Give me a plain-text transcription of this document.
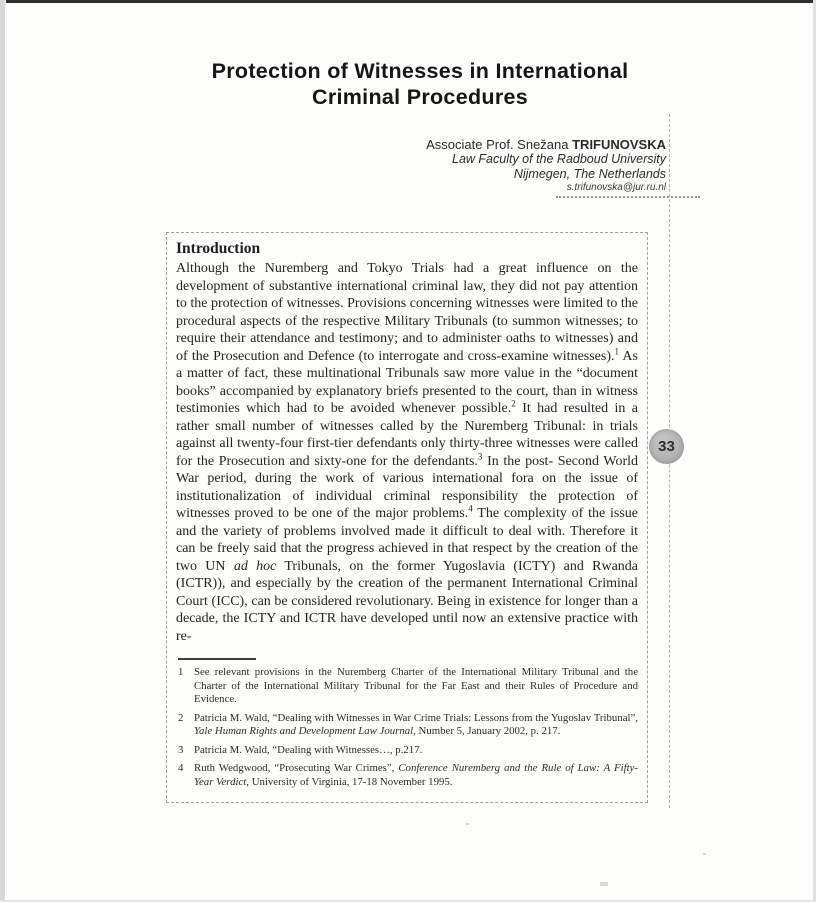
Protection of Witnesses in International
Criminal Procedures
Associate Prof. Snežana TRIFUNOVSKA
Law Faculty of the Radboud University
Nijmegen, The Netherlands
s.trifunovska@jur.ru.nl
33
Introduction
Although the Nuremberg and Tokyo Trials had a great influence on the development of substantive international criminal law, they did not pay attention to the protection of witnesses. Provisions concerning witnesses were limited to the procedural aspects of the respective Military Tribunals (to summon witnesses; to require their attendance and testimony; and to administer oaths to witnesses) and of the Prosecution and Defence (to interrogate and cross-examine witnesses).$^1$ As a matter of fact, these multinational Tribunals saw more value in the “document books” accompanied by explanatory briefs presented to the court, than in witness testimonies which had to be avoided whenever possible.$^2$ It had resulted in a rather small number of witnesses called by the Nuremberg Tribunal: in trials against all twenty-four first-tier defendants only thirty-three witnesses were called for the Prosecution and sixty-one for the defendants.$^3$ In the post- Second World War period, during the work of various international fora on the issue of institutionalization of individual criminal responsibility the protection of witnesses proved to be one of the major problems.$^4$ The complexity of the issue and the variety of problems involved made it difficult to deal with. Therefore it can be freely said that the progress achieved in that respect by the creation of the two UN ad hoc Tribunals, on the former Yugoslavia (ICTY) and Rwanda (ICTR)), and especially by the creation of the permanent International Criminal Court (ICC), can be considered revolutionary. Being in existence for longer than a decade, the ICTY and ICTR have developed until now an extensive practice with re-
1 See relevant provisions in the Nuremberg Charter of the International Military Tribunal and the Charter of the International Military Tribunal for the Far East and their Rules of Procedure and Evidence.
2 Patricia M. Wald, “Dealing with Witnesses in War Crime Trials: Lessons from the Yugoslav Tribunal”, Yale Human Rights and Development Law Journal, Number 5, January 2002, p. 217.
3 Patricia M. Wald, “Dealing with Witnesses…, p.217.
4 Ruth Wedgwood, “Prosecuting War Crimes”, Conference Nuremberg and the Rule of Law: A Fifty-Year Verdict, University of Virginia, 17-18 November 1995.
